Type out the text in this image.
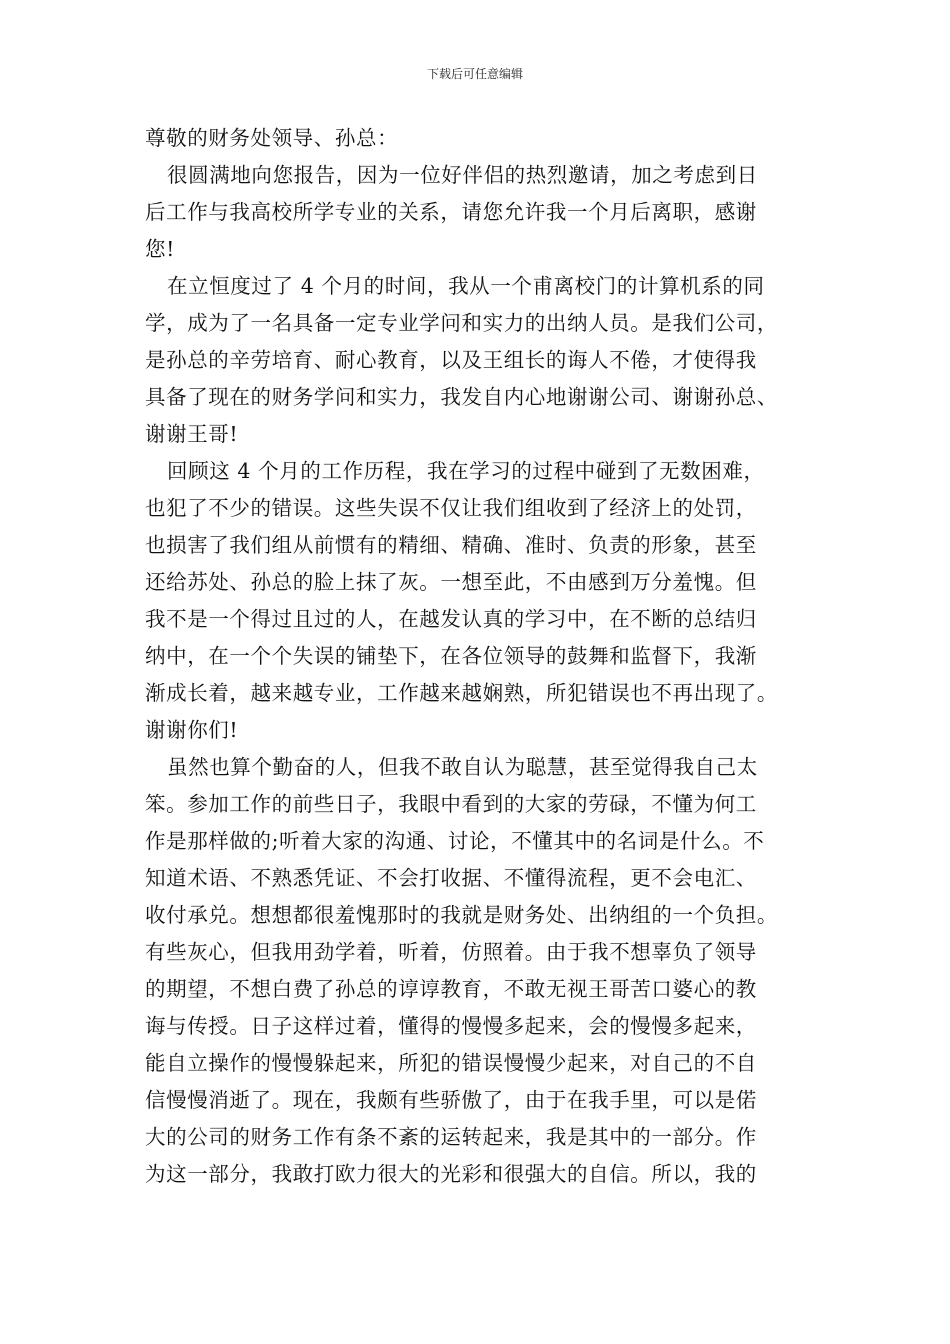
下载后可任意编辑
尊敬的财务处领导、孙总：
很圆满地向您报告，因为一位好伴侣的热烈邀请，加之考虑到日
后工作与我高校所学专业的关系，请您允许我一个月后离职，感谢
您!
在立恒度过了 4 个月的时间，我从一个甫离校门的计算机系的同
学，成为了一名具备一定专业学问和实力的出纳人员。是我们公司，
是孙总的辛劳培育、耐心教育，以及王组长的诲人不倦，才使得我
具备了现在的财务学问和实力，我发自内心地谢谢公司、谢谢孙总、
谢谢王哥!
回顾这 4 个月的工作历程，我在学习的过程中碰到了无数困难，
也犯了不少的错误。这些失误不仅让我们组收到了经济上的处罚，
也损害了我们组从前惯有的精细、精确、准时、负责的形象，甚至
还给苏处、孙总的脸上抹了灰。一想至此，不由感到万分羞愧。但
我不是一个得过且过的人，在越发认真的学习中，在不断的总结归
纳中，在一个个失误的铺垫下，在各位领导的鼓舞和监督下，我渐
渐成长着，越来越专业，工作越来越娴熟，所犯错误也不再出现了。
谢谢你们!
虽然也算个勤奋的人，但我不敢自认为聪慧，甚至觉得我自己太
笨。参加工作的前些日子，我眼中看到的大家的劳碌，不懂为何工
作是那样做的;听着大家的沟通、讨论，不懂其中的名词是什么。不
知道术语、不熟悉凭证、不会打收据、不懂得流程，更不会电汇、
收付承兑。想想都很羞愧那时的我就是财务处、出纳组的一个负担。
有些灰心，但我用劲学着，听着，仿照着。由于我不想辜负了领导
的期望，不想白费了孙总的谆谆教育，不敢无视王哥苦口婆心的教
诲与传授。日子这样过着，懂得的慢慢多起来，会的慢慢多起来，
能自立操作的慢慢躲起来，所犯的错误慢慢少起来，对自己的不自
信慢慢消逝了。现在，我颇有些骄傲了，由于在我手里，可以是偌
大的公司的财务工作有条不紊的运转起来，我是其中的一部分。作
为这一部分，我敢打欧力很大的光彩和很强大的自信。所以，我的
